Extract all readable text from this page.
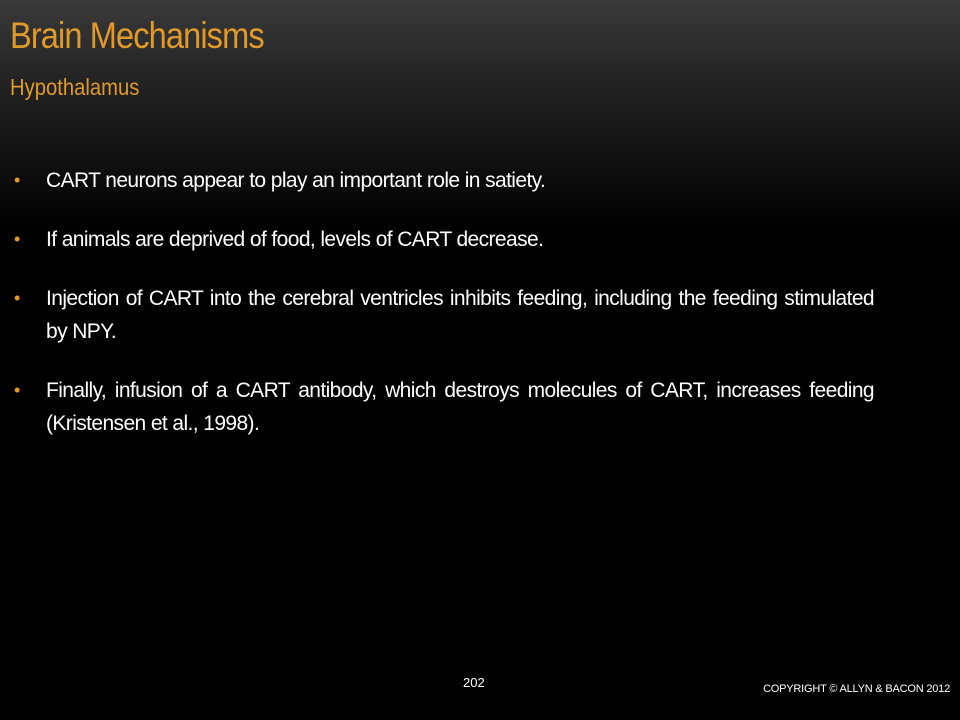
Brain Mechanisms
Hypothalamus
• CART neurons appear to play an important role in satiety.
• If animals are deprived of food, levels of CART decrease.
• Injection of CART into the cerebral ventricles inhibits feeding, including the feeding stimulated by NPY.
• Finally, infusion of a CART antibody, which destroys molecules of CART, increases feeding (Kristensen et al., 1998).
202	COPYRIGHT © ALLYN & BACON 2012
